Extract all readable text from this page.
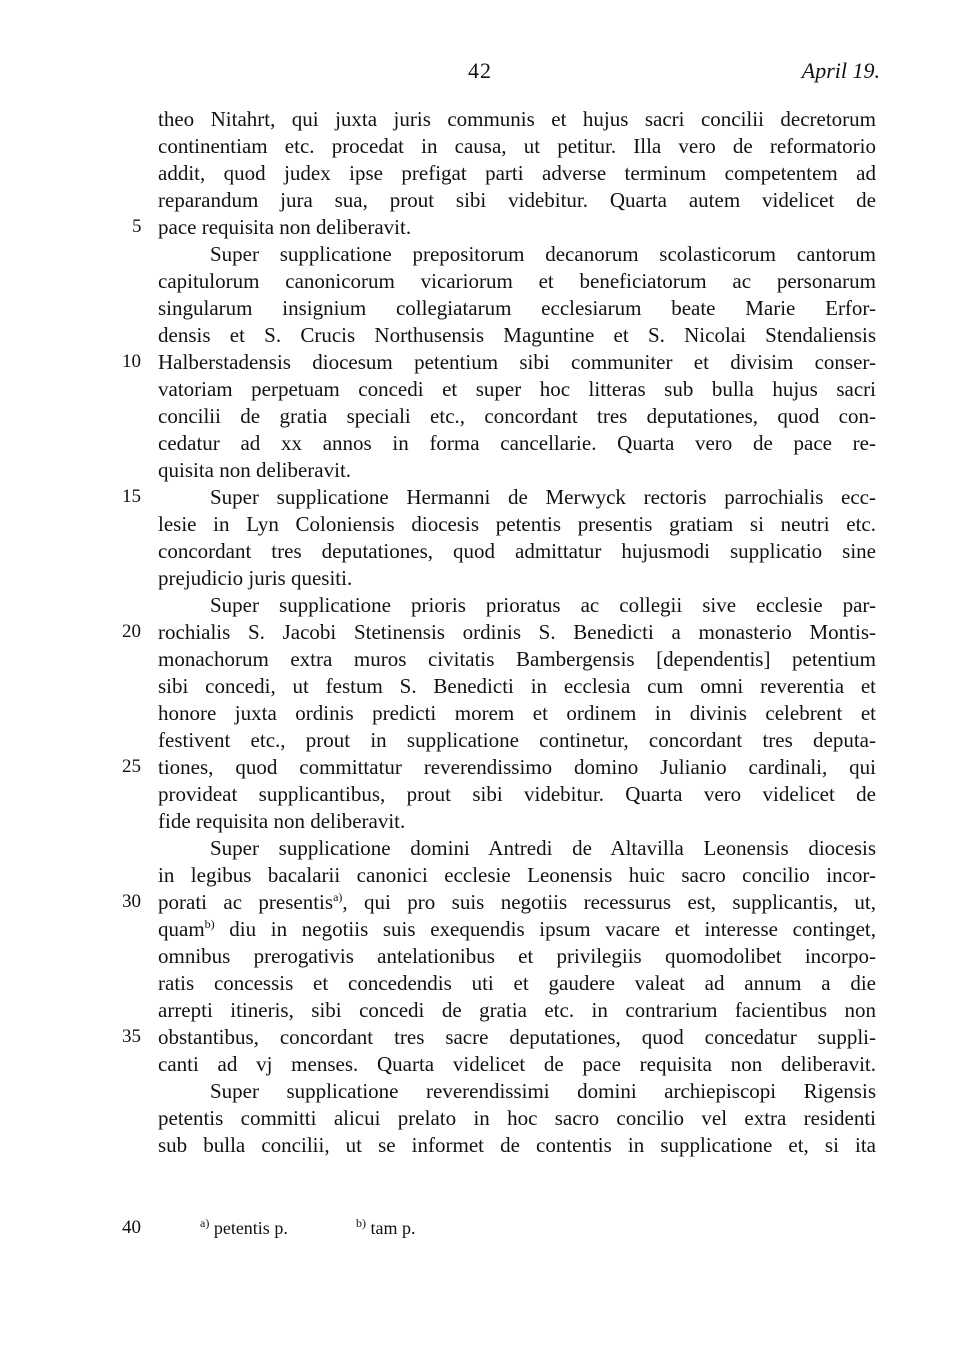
42	April 19.
theo Nitahrt, qui juxta juris communis et hujus sacri concilii decretorum
continentiam etc. procedat in causa, ut petitur. Illa vero de reformatorio
addit, quod judex ipse prefigat parti adverse terminum competentem ad
reparandum jura sua, prout sibi videbitur. Quarta autem videlicet de
pace requisita non deliberavit.
Super supplicatione prepositorum decanorum scolasticorum cantorum
capitulorum canonicorum vicariorum et beneficiatorum ac personarum
singularum insignium collegiatarum ecclesiarum beate Marie Erfor-
densis et S. Crucis Northusensis Maguntine et S. Nicolai Stendaliensis
Halberstadensis diocesum petentium sibi communiter et divisim conser-
vatoriam perpetuam concedi et super hoc litteras sub bulla hujus sacri
concilii de gratia speciali etc., concordant tres deputationes, quod con-
cedatur ad xx annos in forma cancellarie. Quarta vero de pace re-
quisita non deliberavit.
Super supplicatione Hermanni de Merwyck rectoris parrochialis ecc-
lesie in Lyn Coloniensis diocesis petentis presentis gratiam si neutri etc.
concordant tres deputationes, quod admittatur hujusmodi supplicatio sine
prejudicio juris quesiti.
Super supplicatione prioris prioratus ac collegii sive ecclesie par-
rochialis S. Jacobi Stetinensis ordinis S. Benedicti a monasterio Montis-
monachorum extra muros civitatis Bambergensis [dependentis] petentium
sibi concedi, ut festum S. Benedicti in ecclesia cum omni reverentia et
honore juxta ordinis predicti morem et ordinem in divinis celebrent et
festivent etc., prout in supplicatione continetur, concordant tres deputa-
tiones, quod committatur reverendissimo domino Julianio cardinali, qui
provideat supplicantibus, prout sibi videbitur. Quarta vero videlicet de
fide requisita non deliberavit.
Super supplicatione domini Antredi de Altavilla Leonensis diocesis
in legibus bacalarii canonici ecclesie Leonensis huic sacro concilio incor-
porati ac presentis$^{a)}$, qui pro suis negotiis recessurus est, supplicantis, ut,
quam$^{b)}$ diu in negotiis suis exequendis ipsum vacare et interesse continget,
omnibus prerogativis antelationibus et privilegiis quomodolibet incorpo-
ratis concessis et concedendis uti et gaudere valeat ad annum a die
arrepti itineris, sibi concedi de gratia etc. in contrarium facientibus non
obstantibus, concordant tres sacre deputationes, quod concedatur suppli-
canti ad vj menses. Quarta videlicet de pace requisita non deliberavit.
Super supplicatione reverendissimi domini archiepiscopi Rigensis
petentis committi alicui prelato in hoc sacro concilio vel extra residenti
sub bulla concilii, ut se informet de contentis in supplicatione et, si ita
5
10
15
20
25
30
35
40	$^{a)}$ petentis p.	$^{b)}$ tam p.
